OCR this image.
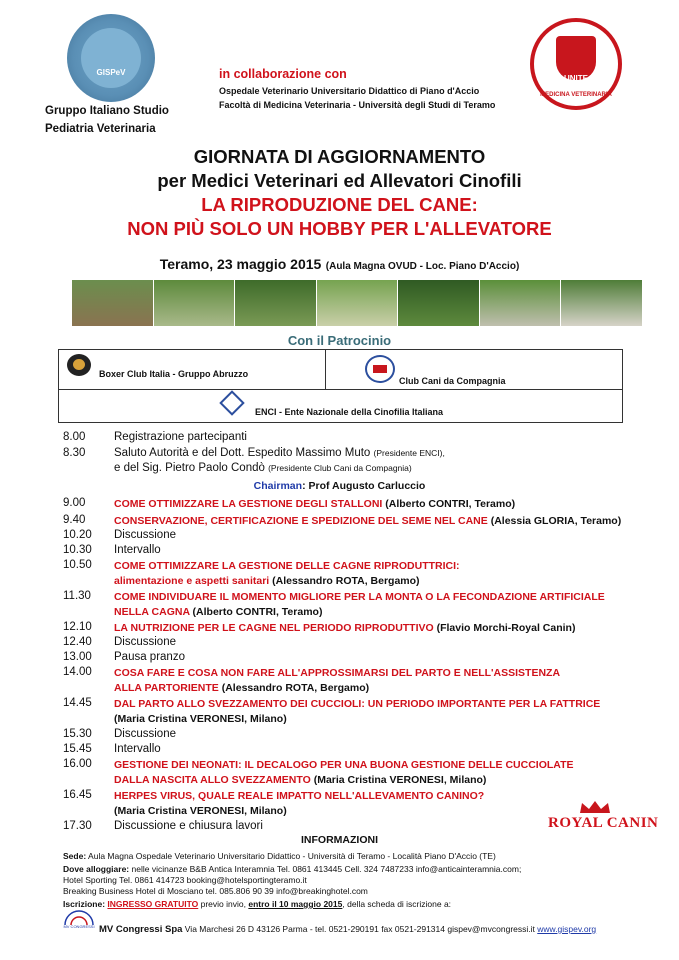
GISPeV
Gruppo Italiano Studio
Pediatria Veterinaria
in collaborazione con
Ospedale Veterinario Universitario Didattico di Piano d'Accio
Facoltà di Medicina Veterinaria - Università degli Studi di Teramo
UNITE
MEDICINA VETERINARIA
GIORNATA DI AGGIORNAMENTO
per Medici Veterinari ed Allevatori Cinofili
LA RIPRODUZIONE DEL CANE:
NON PIÙ SOLO UN HOBBY PER L'ALLEVATORE
Teramo, 23 maggio 2015 (Aula Magna OVUD - Loc. Piano D'Accio)
Con il Patrocinio
Boxer Club Italia - Gruppo Abruzzo
Club Cani da Compagnia
ENCI - Ente Nazionale della Cinofilia Italiana
8.00 Registrazione partecipanti
8.30 Saluto Autorità e del Dott. Espedito Massimo Muto (Presidente ENCI),
e del Sig. Pietro Paolo Condò (Presidente Club Cani da Compagnia)
Chairman: Prof Augusto Carluccio
9.00	COME OTTIMIZZARE LA GESTIONE DEGLI STALLONI (Alberto CONTRI, Teramo)
9.40	CONSERVAZIONE, CERTIFICAZIONE E SPEDIZIONE DEL SEME NEL CANE (Alessia GLORIA, Teramo)
10.20 Discussione
10.30 Intervallo
10.50 COME OTTIMIZZARE LA GESTIONE DELLE CAGNE RIPRODUTTRICI:
alimentazione e aspetti sanitari (Alessandro ROTA, Bergamo)
11.30 COME INDIVIDUARE IL MOMENTO MIGLIORE PER LA MONTA O LA FECONDAZIONE ARTIFICIALE
NELLA CAGNA (Alberto CONTRI, Teramo)
12.10 LA NUTRIZIONE PER LE CAGNE NEL PERIODO RIPRODUTTIVO (Flavio Morchi-Royal Canin)
12.40 Discussione
13.00 Pausa pranzo
14.00 COSA FARE E COSA NON FARE ALL'APPROSSIMARSI DEL PARTO E NELL'ASSISTENZA
ALLA PARTORIENTE (Alessandro ROTA, Bergamo)
14.45 DAL PARTO ALLO SVEZZAMENTO DEI CUCCIOLI: UN PERIODO IMPORTANTE PER LA FATTRICE
(Maria Cristina VERONESI, Milano)
15.30 Discussione
15.45 Intervallo
16.00 GESTIONE DEI NEONATI: IL DECALOGO PER UNA BUONA GESTIONE DELLE CUCCIOLATE
DALLA NASCITA ALLO SVEZZAMENTO (Maria Cristina VERONESI, Milano)
16.45 HERPES VIRUS, QUALE REALE IMPATTO NELL'ALLEVAMENTO CANINO?
(Maria Cristina VERONESI, Milano)
17.30 Discussione e chiusura lavori	ROYAL CANIN
INFORMAZIONI
Sede: Aula Magna Ospedale Veterinario Universitario Didattico - Università di Teramo - Località Piano D'Accio (TE)
Dove alloggiare: nelle vicinanze B&B Antica Interamnia Tel. 0861 413445 Cell. 324 7487233 info@anticainteramnia.com;
Hotel Sporting Tel. 0861 414723 booking@hotelsportingteramo.it
Breaking Business Hotel di Mosciano tel. 085.806 90 39 info@breakinghotel.com
Iscrizione: INGRESSO GRATUITO previo invio, entro il 10 maggio 2015, della scheda di iscrizione a:
MV CONGRESSI MV Congressi Spa Via Marchesi 26 D 43126 Parma - tel. 0521-290191 fax 0521-291314 gispev@mvcongressi.it www.gispev.org
